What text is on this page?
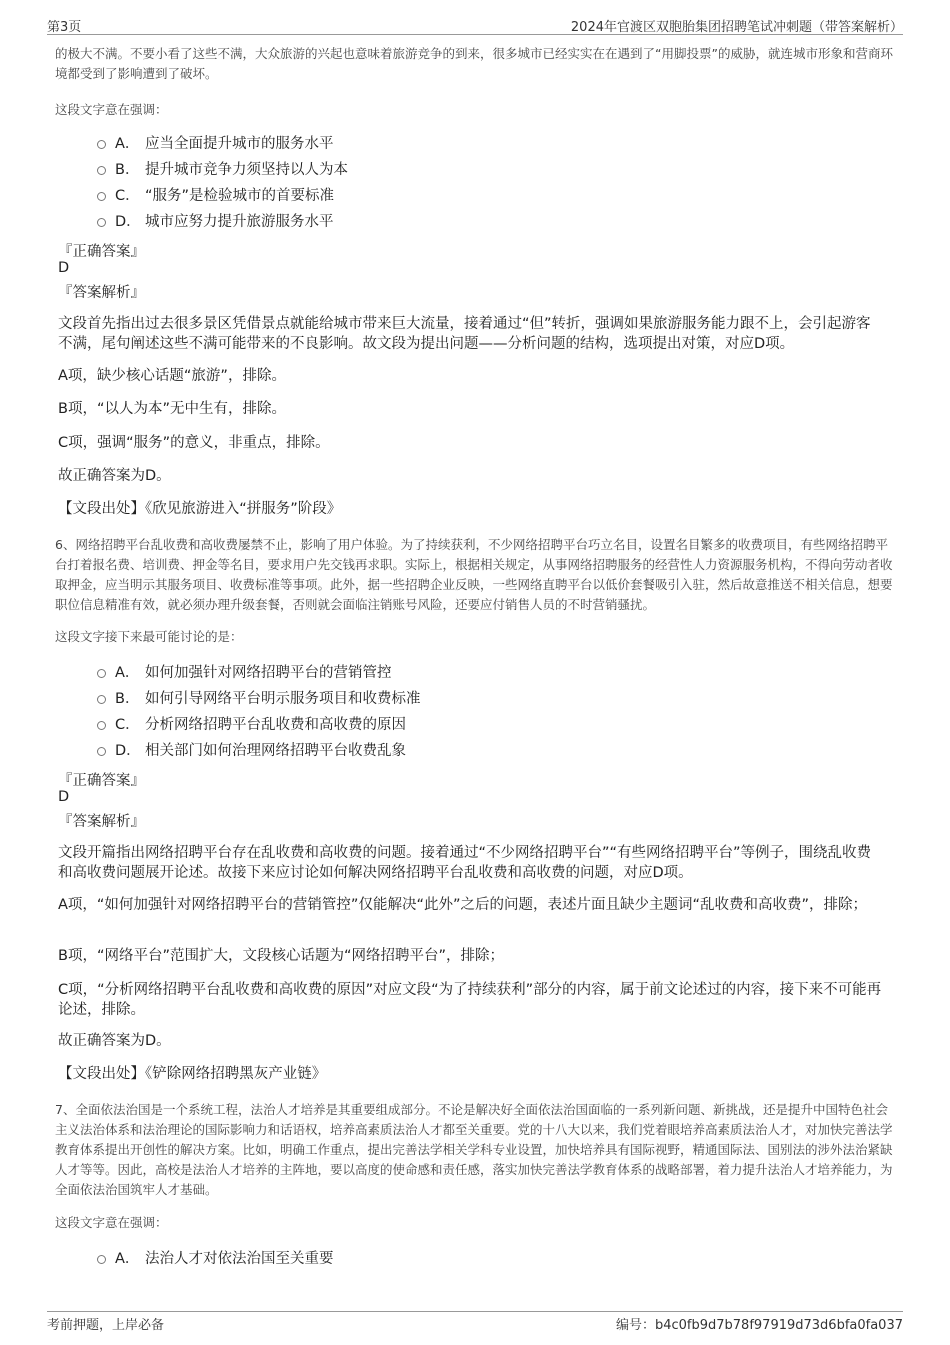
第3页	2024年官渡区双胞胎集团招聘笔试冲刺题（带答案解析）
的极大不满。不要小看了这些不满，大众旅游的兴起也意味着旅游竞争的到来，很多城市已经实实在在遇到了“用脚投票”的威胁，就连城市形象和营商环境都受到了影响遭到了破坏。
这段文字意在强调：
A． 应当全面提升城市的服务水平
B． 提升城市竞争力须坚持以人为本
C． “服务”是检验城市的首要标准
D． 城市应努力提升旅游服务水平
『正确答案』
D
『答案解析』
文段首先指出过去很多景区凭借景点就能给城市带来巨大流量，接着通过“但”转折，强调如果旅游服务能力跟不上，会引起游客不满，尾句阐述这些不满可能带来的不良影响。故文段为提出问题——分析问题的结构，选项提出对策，对应D项。
A项，缺少核心话题“旅游”，排除。
B项，“以人为本”无中生有，排除。
C项，强调“服务”的意义，非重点，排除。
故正确答案为D。
【文段出处】《欣见旅游进入“拼服务”阶段》
6、网络招聘平台乱收费和高收费屡禁不止，影响了用户体验。为了持续获利，不少网络招聘平台巧立名目，设置名目繁多的收费项目，有些网络招聘平台打着报名费、培训费、押金等名目，要求用户先交钱再求职。实际上，根据相关规定，从事网络招聘服务的经营性人力资源服务机构，不得向劳动者收取押金，应当明示其服务项目、收费标准等事项。此外，据一些招聘企业反映，一些网络直聘平台以低价套餐吸引入驻，然后故意推送不相关信息，想要职位信息精准有效，就必须办理升级套餐，否则就会面临注销账号风险，还要应付销售人员的不时营销骚扰。
这段文字接下来最可能讨论的是：
A． 如何加强针对网络招聘平台的营销管控
B． 如何引导网络平台明示服务项目和收费标准
C． 分析网络招聘平台乱收费和高收费的原因
D． 相关部门如何治理网络招聘平台收费乱象
『正确答案』
D
『答案解析』
文段开篇指出网络招聘平台存在乱收费和高收费的问题。接着通过“不少网络招聘平台”“有些网络招聘平台”等例子，围绕乱收费和高收费问题展开论述。故接下来应讨论如何解决网络招聘平台乱收费和高收费的问题，对应D项。
A项，“如何加强针对网络招聘平台的营销管控”仅能解决“此外”之后的问题，表述片面且缺少主题词“乱收费和高收费”，排除；
B项，“网络平台”范围扩大，文段核心话题为“网络招聘平台”，排除；
C项，“分析网络招聘平台乱收费和高收费的原因”对应文段“为了持续获利”部分的内容，属于前文论述过的内容，接下来不可能再论述，排除。
故正确答案为D。
【文段出处】《铲除网络招聘黑灰产业链》
7、全面依法治国是一个系统工程，法治人才培养是其重要组成部分。不论是解决好全面依法治国面临的一系列新问题、新挑战，还是提升中国特色社会主义法治体系和法治理论的国际影响力和话语权，培养高素质法治人才都至关重要。党的十八大以来，我们党着眼培养高素质法治人才，对加快完善法学教育体系提出开创性的解决方案。比如，明确工作重点，提出完善法学相关学科专业设置，加快培养具有国际视野，精通国际法、国别法的涉外法治紧缺人才等等。因此，高校是法治人才培养的主阵地，要以高度的使命感和责任感，落实加快完善法学教育体系的战略部署，着力提升法治人才培养能力，为全面依法治国筑牢人才基础。
这段文字意在强调：
A． 法治人才对依法治国至关重要
考前押题，上岸必备	编号：b4c0fb9d7b78f97919d73d6bfa0fa037
